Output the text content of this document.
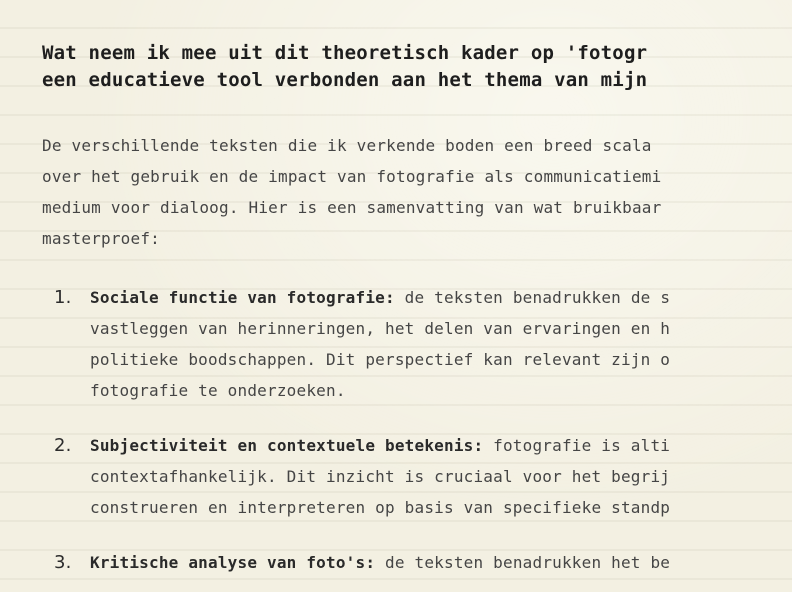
Wat neem ik mee uit dit theoretisch kader op 'fotogr
een educatieve tool verbonden aan het thema van mijn
De verschillende teksten die ik verkende boden een breed scala
over het gebruik en de impact van fotografie als communicatiemi
medium voor dialoog. Hier is een samenvatting van wat bruikbaar
masterproef:
1. Sociale functie van fotografie: de teksten benadrukken de s
vastleggen van herinneringen, het delen van ervaringen en h
politieke boodschappen. Dit perspectief kan relevant zijn o
fotografie te onderzoeken.
2. Subjectiviteit en contextuele betekenis: fotografie is alti
contextafhankelijk. Dit inzicht is cruciaal voor het begrij
construeren en interpreteren op basis van specifieke standp
3. Kritische analyse van foto's: de teksten benadrukken het be
